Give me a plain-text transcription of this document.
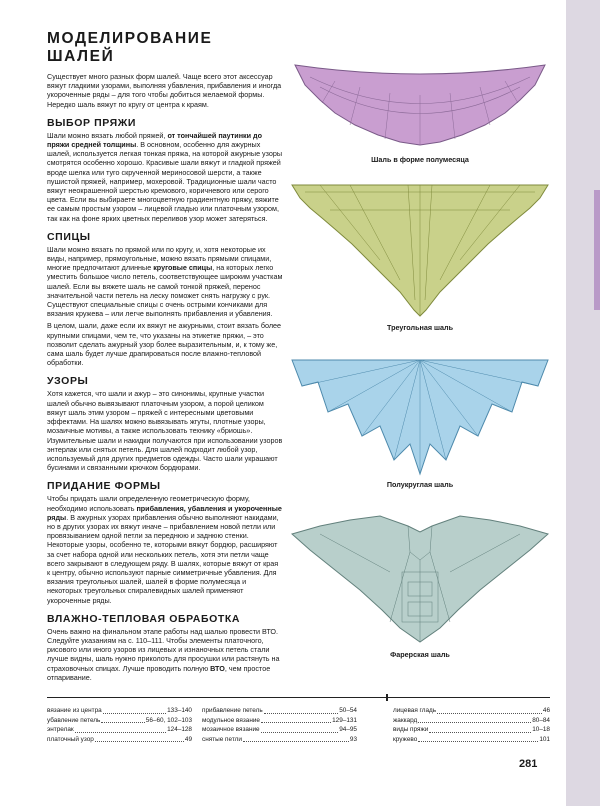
МОДЕЛИРОВАНИЕ ШАЛЕЙ

Существует много разных форм шалей. Чаще всего этот аксессуар вяжут гладкими узорами, выполняя убавления, прибавления и иногда укороченные ряды – для того чтобы добиться желаемой формы. Нередко шаль вяжут по кругу от центра к краям.

ВЫБОР ПРЯЖИ

Шали можно вязать любой пряжей, от тончайшей паутинки до пряжи средней толщины. В основном, особенно для ажурных шалей, используется легкая тонкая пряжа, на которой ажурные узоры смотрятся особенно хорошо. Красивые шали вяжут и гладкой пряжей вроде шелка или туго скрученной мериносовой шерсти, а также пушистой пряжей, например, мохеровой. Традиционные шали часто вяжут неокрашенной шерстью кремового, коричневого или серого цвета. Если вы выбираете многоцветную градиентную пряжу, вяжите ее самым простым узором – лицевой гладью или платочным узором, так как на фоне ярких цветных переливов узор может затеряться.

СПИЦЫ

Шали можно вязать по прямой или по кругу, и, хотя некоторые их виды, например, прямоугольные, можно вязать прямыми спицами, многие предпочитают длинные круговые спицы, на которых легко уместить большое число петель, соответствующее широким участкам шалей. Если вы вяжете шаль не самой тонкой пряжей, перенос значительной части петель на леску поможет снять нагрузку с рук. Существуют специальные спицы с очень острыми кончиками для вязания кружева – или легче выполнять прибавления и убавления.

В целом, шали, даже если их вяжут не ажурными, стоит вязать более крупными спицами, чем те, что указаны на этикетке пряжи, – это позволит сделать ажурный узор более выразительным, и, к тому же, сама шаль будет лучше драпироваться после влажно-тепловой обработки.

УЗОРЫ

Хотя кажется, что шали и ажур – это синонимы, крупные участки шалей обычно вывязывают платочным узором, а порой целиком вяжут шаль этим узором – пряжей с интересными цветовыми эффектами. На шалях можно вывязывать жгуты, плотные узоры, мозаичные мотивы, а также использовать технику «бриошь». Изумительные шали и накидки получаются при использовании узоров энтерлак или снятых петель. Для шалей подходит любой узор, используемый для других предметов одежды. Часто шали украшают бусинами и связанными крючком бордюрами.

ПРИДАНИЕ ФОРМЫ

Чтобы придать шали определенную геометрическую форму, необходимо использовать прибавления, убавления и укороченные ряды. В ажурных узорах прибавления обычно выполняют накидами, но в других узорах их вяжут иначе – прибавлением новой петли или провязыванием одной петли за переднюю и заднюю стенки. Некоторые узоры, особенно те, которыми вяжут бордюр, расширяют за счет набора одной или нескольких петель, хотя эти петли чаще всего закрывают в следующем ряду. В шалях, которые вяжут от края к центру, обычно используют парные симметричные убавления. Для вязания треугольных шалей, шалей в форме полумесяца и некоторых треугольных спиралевидных шалей применяют укороченные ряды.

ВЛАЖНО-ТЕПЛОВАЯ ОБРАБОТКА

Очень важно на финальном этапе работы над шалью провести ВТО. Следуйте указаниям на с. 110–111. Чтобы элементы платочного, рисового или иного узоров из лицевых и изнаночных петель стали лучше видны, шаль нужно приколоть для просушки или растянуть на страховочных спицах. Лучше проводить полную ВТО, чем простое отпаривание.

Шаль в форме полумесяца
Треугольная шаль
Полукруглая шаль
Фарерская шаль
вязание из центра	133–140
убавление петель	56–60, 102–103
энтрелак	124–128
платочный узор	49
прибавление петель	50–54
модульное вязание	129–131
мозаичное вязание	94–95
снятые петли	93
лицевая гладь	46
жаккард	80–84
виды пряжи	10–18
кружево	101
281
